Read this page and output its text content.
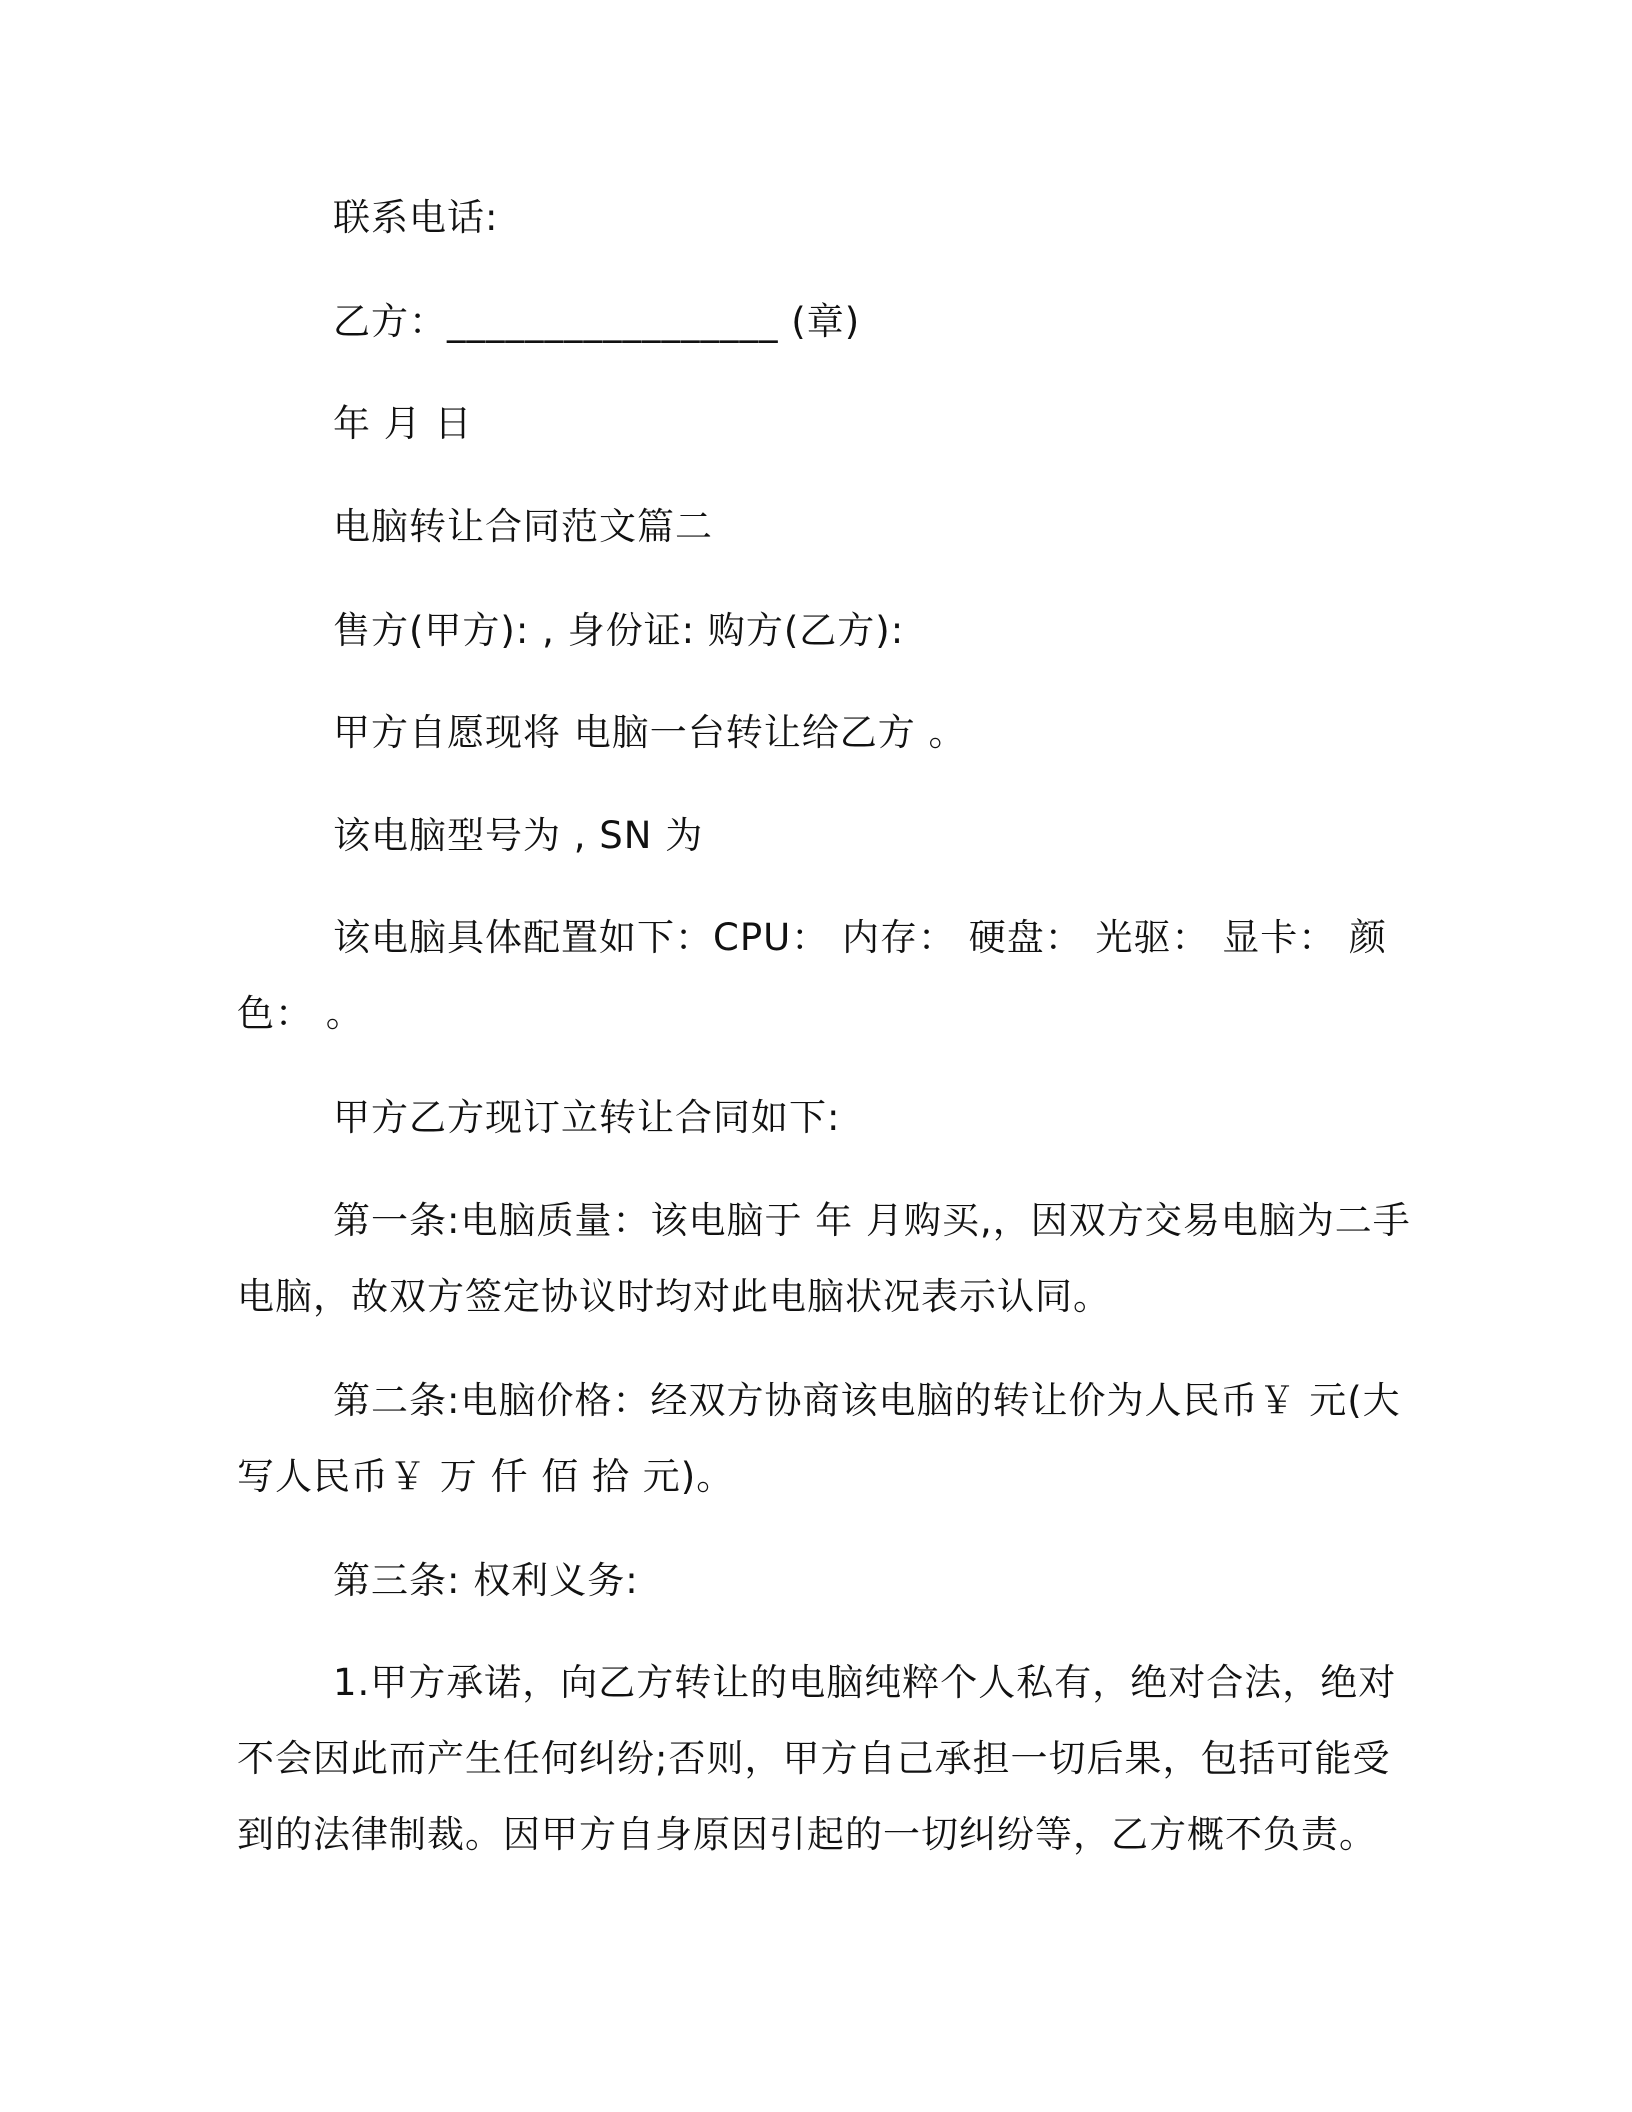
联系电话:
乙方：_________________ (章)
年 月 日
电脑转让合同范文篇二
售方(甲方): , 身份证: 购方(乙方):
甲方自愿现将 电脑一台转让给乙方 。
该电脑型号为 , SN 为
该电脑具体配置如下：CPU： 内存： 硬盘： 光驱： 显卡： 颜
色： 。
甲方乙方现订立转让合同如下:
第一条:电脑质量：该电脑于 年 月购买,，因双方交易电脑为二手
电脑，故双方签定协议时均对此电脑状况表示认同。
第二条:电脑价格：经双方协商该电脑的转让价为人民币￥ 元(大
写人民币￥ 万 仟 佰 拾 元)。
第三条: 权利义务:
1.甲方承诺，向乙方转让的电脑纯粹个人私有，绝对合法，绝对
不会因此而产生任何纠纷;否则，甲方自己承担一切后果，包括可能受
到的法律制裁。因甲方自身原因引起的一切纠纷等，乙方概不负责。
